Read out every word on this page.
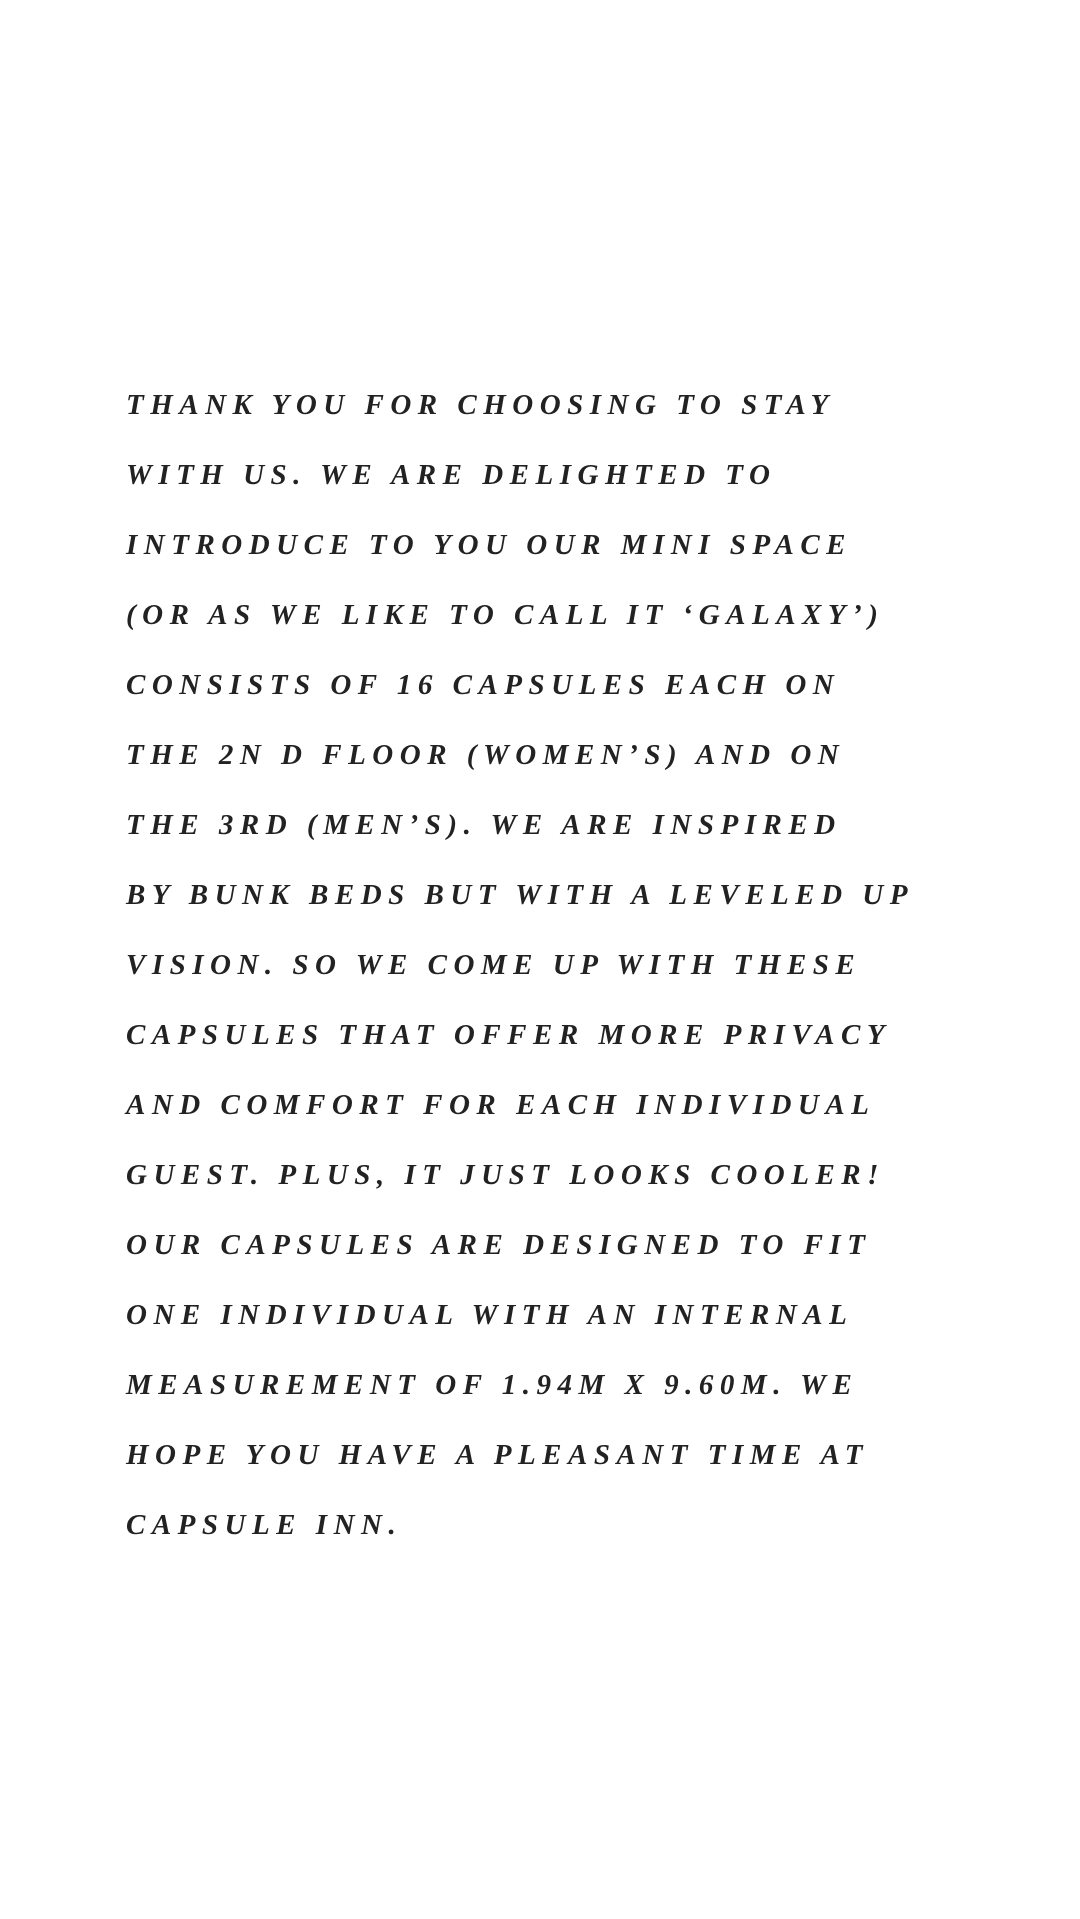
THANK YOU FOR CHOOSING TO STAY

WITH US. WE ARE DELIGHTED TO

INTRODUCE TO YOU OUR MINI SPACE

(OR AS WE LIKE TO CALL IT ‘GALAXY’)

CONSISTS OF 16 CAPSULES EACH ON

THE 2N D FLOOR (WOMEN’S) AND ON

THE 3RD (MEN’S). WE ARE INSPIRED

BY BUNK BEDS BUT WITH A LEVELED UP

VISION. SO WE COME UP WITH THESE

CAPSULES THAT OFFER MORE PRIVACY

AND COMFORT FOR EACH INDIVIDUAL

GUEST. PLUS, IT JUST LOOKS COOLER!

OUR CAPSULES ARE DESIGNED TO FIT

ONE INDIVIDUAL WITH AN INTERNAL

MEASUREMENT OF 1.94M X 9.60M. WE

HOPE YOU HAVE A PLEASANT TIME AT

CAPSULE INN.
